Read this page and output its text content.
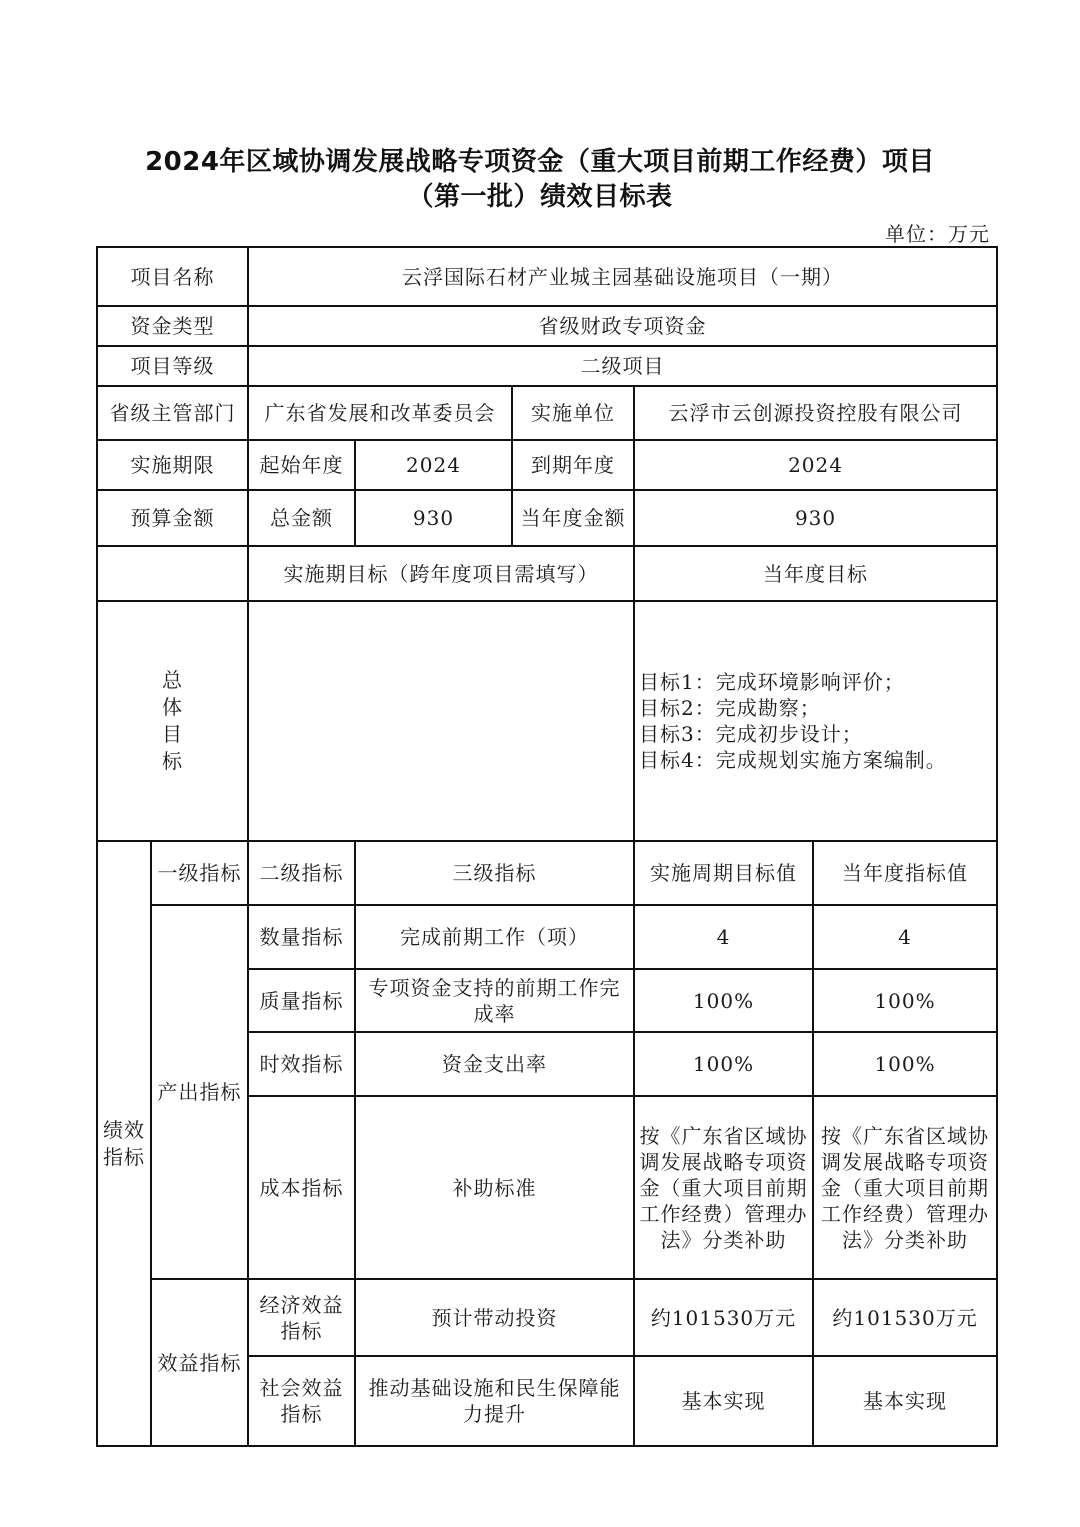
2024年区域协调发展战略专项资金（重大项目前期工作经费）项目
（第一批）绩效目标表
单位：万元
项目名称		云浮国际石材产业城主园基础设施项目（一期）				
资金类型		省级财政专项资金				
项目等级		二级项目				
省级主管部门		广东省发展和改革委员会		实施单位	云浮市云创源投资控股有限公司	
实施期限		起始年度	2024	到期年度	2024	
预算金额		总金额	930	当年度金额	930	
		实施期目标（跨年度项目需填写）			当年度目标	

总
体
目
标					目标1：完成环境影响评价；
目标2：完成勘察；
目标3：完成初步设计；
目标4：完成规划实施方案编制。	

绩效
指标	一级指标	二级指标	三级指标		实施周期目标值	当年度指标值
	产出指标	数量指标	完成前期工作（项）		4	4
		质量指标	专项资金支持的前期工作完成率		100%	100%
		时效指标	资金支出率		100%	100%
		成本指标	补助标准		按《广东省区域协调发展战略专项资金（重大项目前期工作经费）管理办法》分类补助	按《广东省区域协调发展战略专项资金（重大项目前期工作经费）管理办法》分类补助
	效益指标	经济效益指标	预计带动投资		约101530万元	约101530万元
		社会效益指标	推动基础设施和民生保障能力提升		基本实现	基本实现
